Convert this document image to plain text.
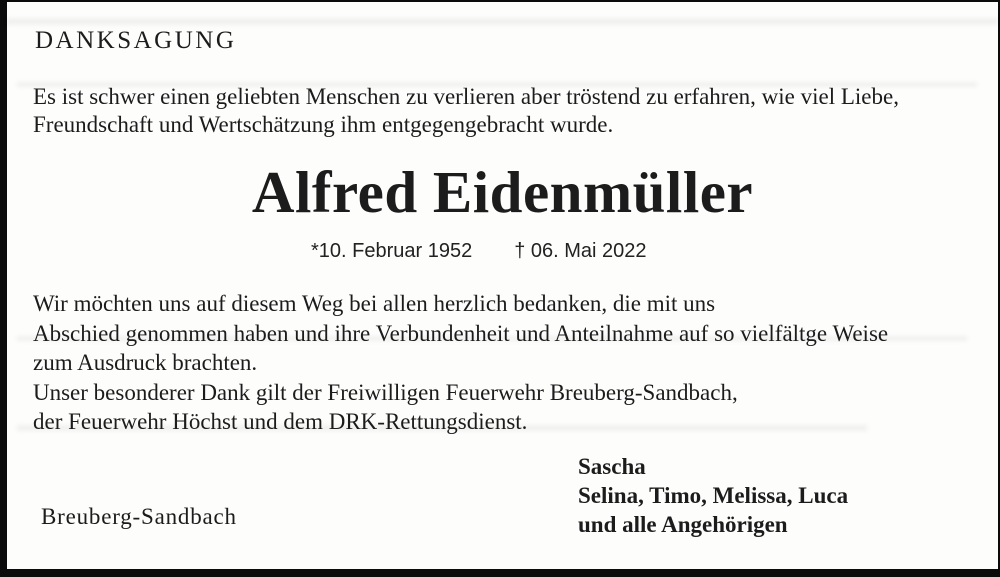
DANKSAGUNG
Es ist schwer einen geliebten Menschen zu verlieren aber tröstend zu erfahren, wie viel Liebe,
Freundschaft und Wertschätzung ihm entgegengebracht wurde.
Alfred Eidenmüller
*10. Februar 1952 † 06. Mai 2022
Wir möchten uns auf diesem Weg bei allen herzlich bedanken, die mit uns
Abschied genommen haben und ihre Verbundenheit und Anteilnahme auf so vielfältge Weise
zum Ausdruck brachten.
Unser besonderer Dank gilt der Freiwilligen Feuerwehr Breuberg-Sandbach,
der Feuerwehr Höchst und dem DRK-Rettungsdienst.
Sascha
Selina, Timo, Melissa, Luca
und alle Angehörigen
Breuberg-Sandbach
